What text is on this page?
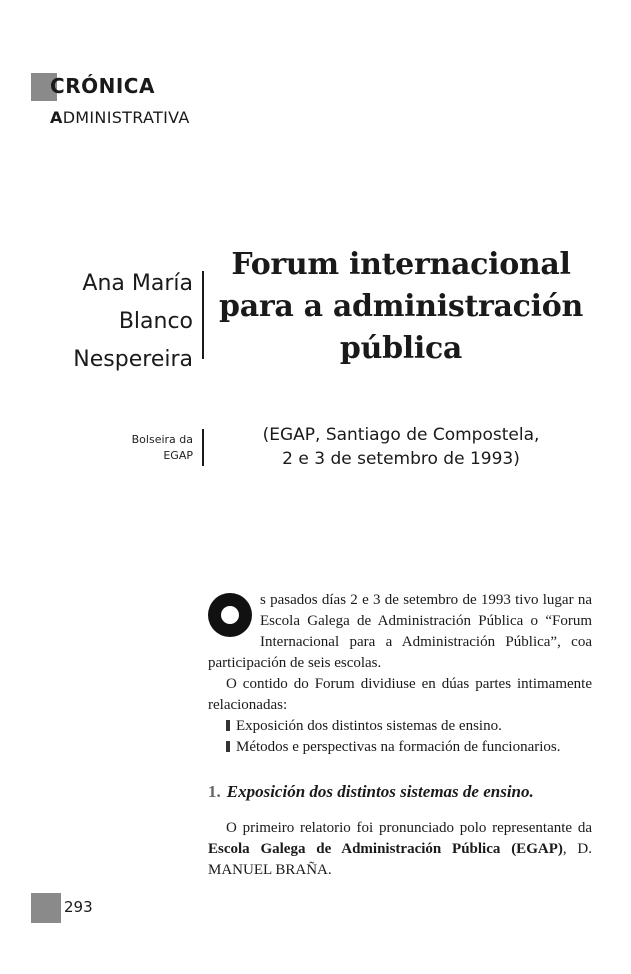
CRÓNICA
ADMINISTRATIVA
Ana María
Blanco
Nespereira
Forum internacional
para a administración
pública
Bolseira da
EGAP
(EGAP, Santiago de Compostela,
2 e 3 de setembro de 1993)

s pasados días 2 e 3 de setembro de 1993 tivo lugar na Escola Galega de Administración Pública o “Forum Internacional para a Administración Pública”, coa participación de seis escolas.

O contido do Forum dividiuse en dúas partes intimamente relacionadas:

Exposición dos distintos sistemas de ensino.

Métodos e perspectivas na formación de funcionarios.

1. Exposición dos distintos sistemas de ensino.

O primeiro relatorio foi pronunciado polo representante da Escola Galega de Administración Pública (EGAP), D. MANUEL BRAÑA.

293
